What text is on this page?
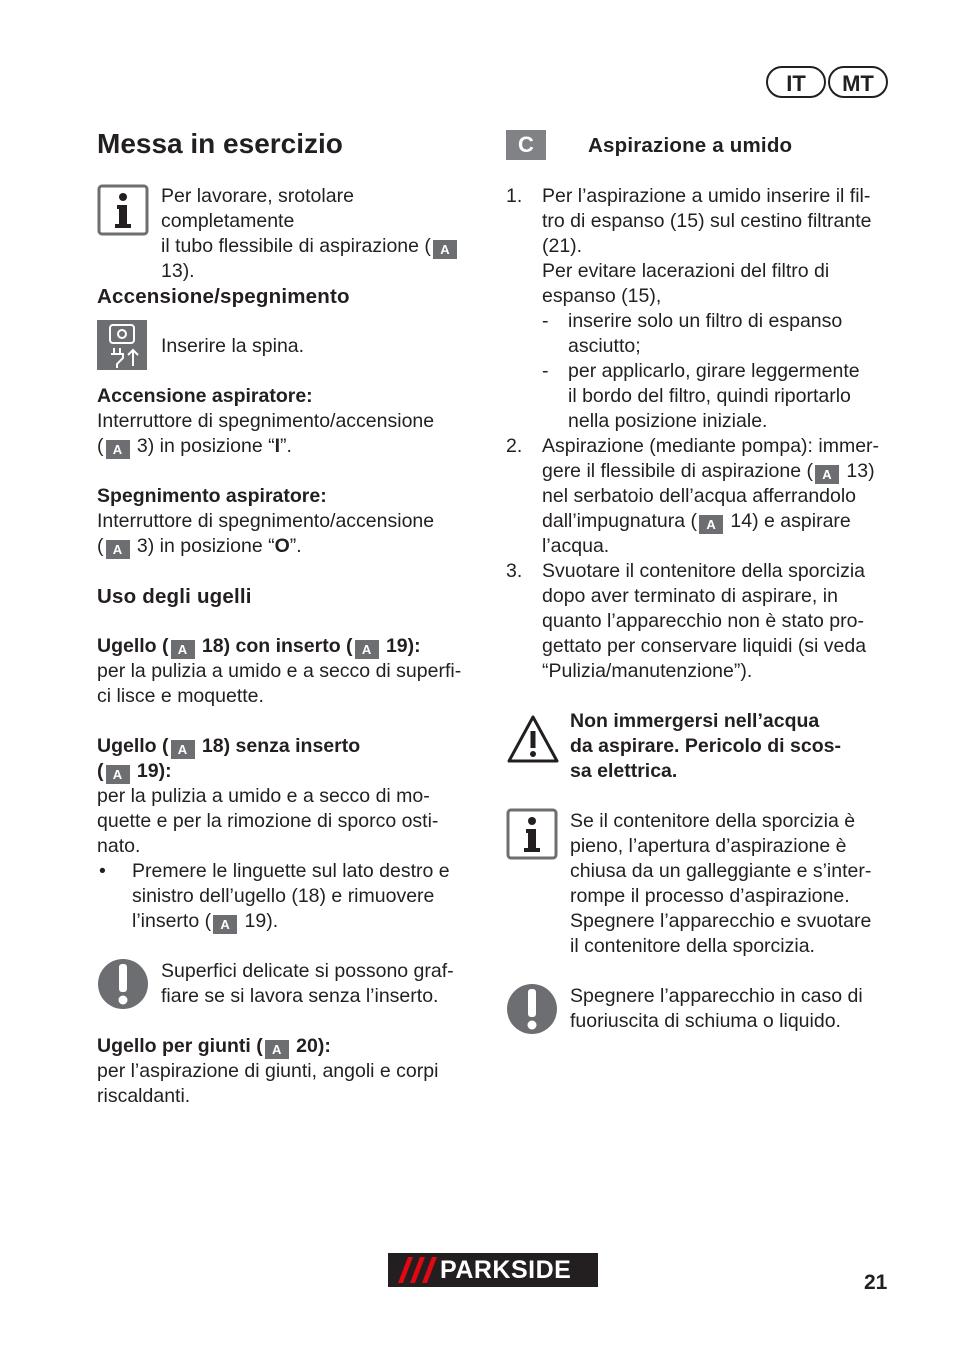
IT	MT
Messa in esercizio

Per lavorare, srotolare completamente

il tubo flessibile di aspirazione ( A

13).

Accensione/spegnimento

Inserire la spina.

Accensione aspiratore:

Interruttore di spegnimento/accensione

( A 3) in posizione “I”.

Spegnimento aspiratore:

Interruttore di spegnimento/accensione

( A 3) in posizione “O”.

Uso degli ugelli

Ugello ( A 18) con inserto ( A 19):

per la pulizia a umido e a secco di superfi-

ci lisce e moquette.

Ugello ( A 18) senza inserto

( A 19):

per la pulizia a umido e a secco di mo-

quette e per la rimozione di sporco osti-

nato.

• Premere le linguette sul lato destro e

sinistro dell’ugello (18) e rimuovere

l’inserto ( A 19).

Superfici delicate si possono graf-

fiare se si lavora senza l’inserto.

Ugello per giunti ( A 20):

per l’aspirazione di giunti, angoli e corpi

riscaldanti.

C	Aspirazione a umido
1. Per l’aspirazione a umido inserire il fil-

tro di espanso (15) sul cestino filtrante

(21).

Per evitare lacerazioni del filtro di

espanso (15),

- inserire solo un filtro di espanso

asciutto;

- per applicarlo, girare leggermente

il bordo del filtro, quindi riportarlo

nella posizione iniziale.

2. Aspirazione (mediante pompa): immer-

gere il flessibile di aspirazione ( A 13)

nel serbatoio dell’acqua afferrandolo

dall’impugnatura ( A 14) e aspirare

l’acqua.

3. Svuotare il contenitore della sporcizia

dopo aver terminato di aspirare, in

quanto l’apparecchio non è stato pro-

gettato per conservare liquidi (si veda

“Pulizia/manutenzione”).

Non immergersi nell’acqua

da aspirare. Pericolo di scos-

sa elettrica.

Se il contenitore della sporcizia è

pieno, l’apertura d’aspirazione è

chiusa da un galleggiante e s’inter-

rompe il processo d’aspirazione.

Spegnere l’apparecchio e svuotare

il contenitore della sporcizia.

Spegnere l’apparecchio in caso di

fuoriuscita di schiuma o liquido.

PARKSIDE	21
